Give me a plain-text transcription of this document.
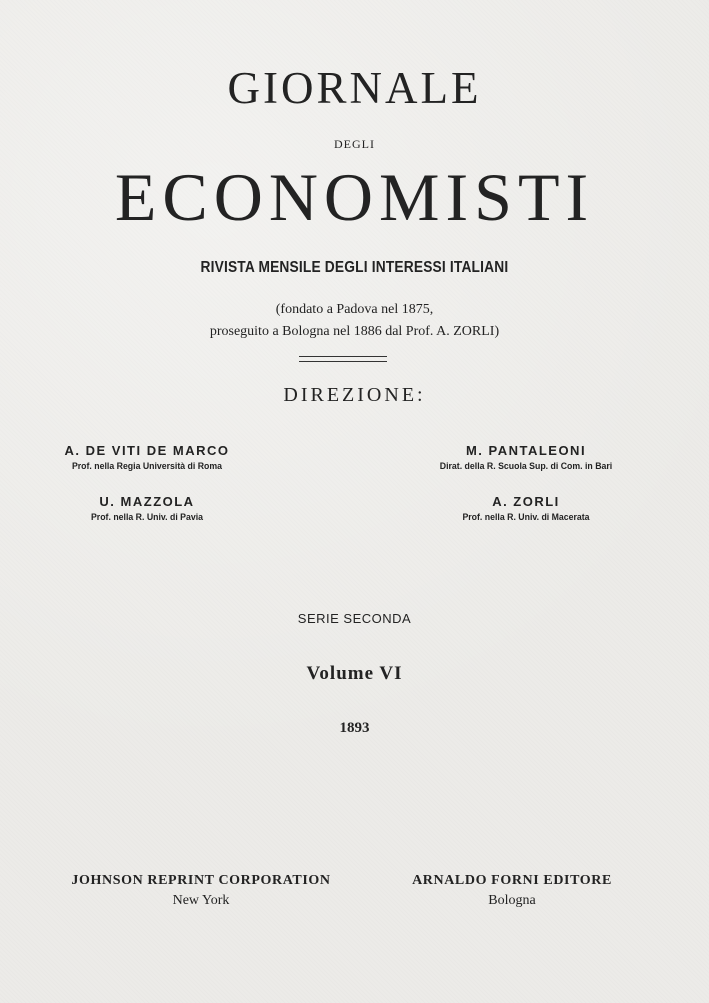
GIORNALE
DEGLI
ECONOMISTI
RIVISTA MENSILE DEGLI INTERESSI ITALIANI
(fondato a Padova nel 1875,
proseguito a Bologna nel 1886 dal Prof. A. ZORLI)
DIREZIONE:
A. DE VITI DE MARCO
Prof. nella Regia Università di Roma
M. PANTALEONI
Dirat. della R. Scuola Sup. di Com. in Bari
U. MAZZOLA
Prof. nella R. Univ. di Pavia
A. ZORLI
Prof. nella R. Univ. di Macerata
SERIE SECONDA
Volume VI
1893
JOHNSON REPRINT CORPORATION
New York
ARNALDO FORNI EDITORE
Bologna
